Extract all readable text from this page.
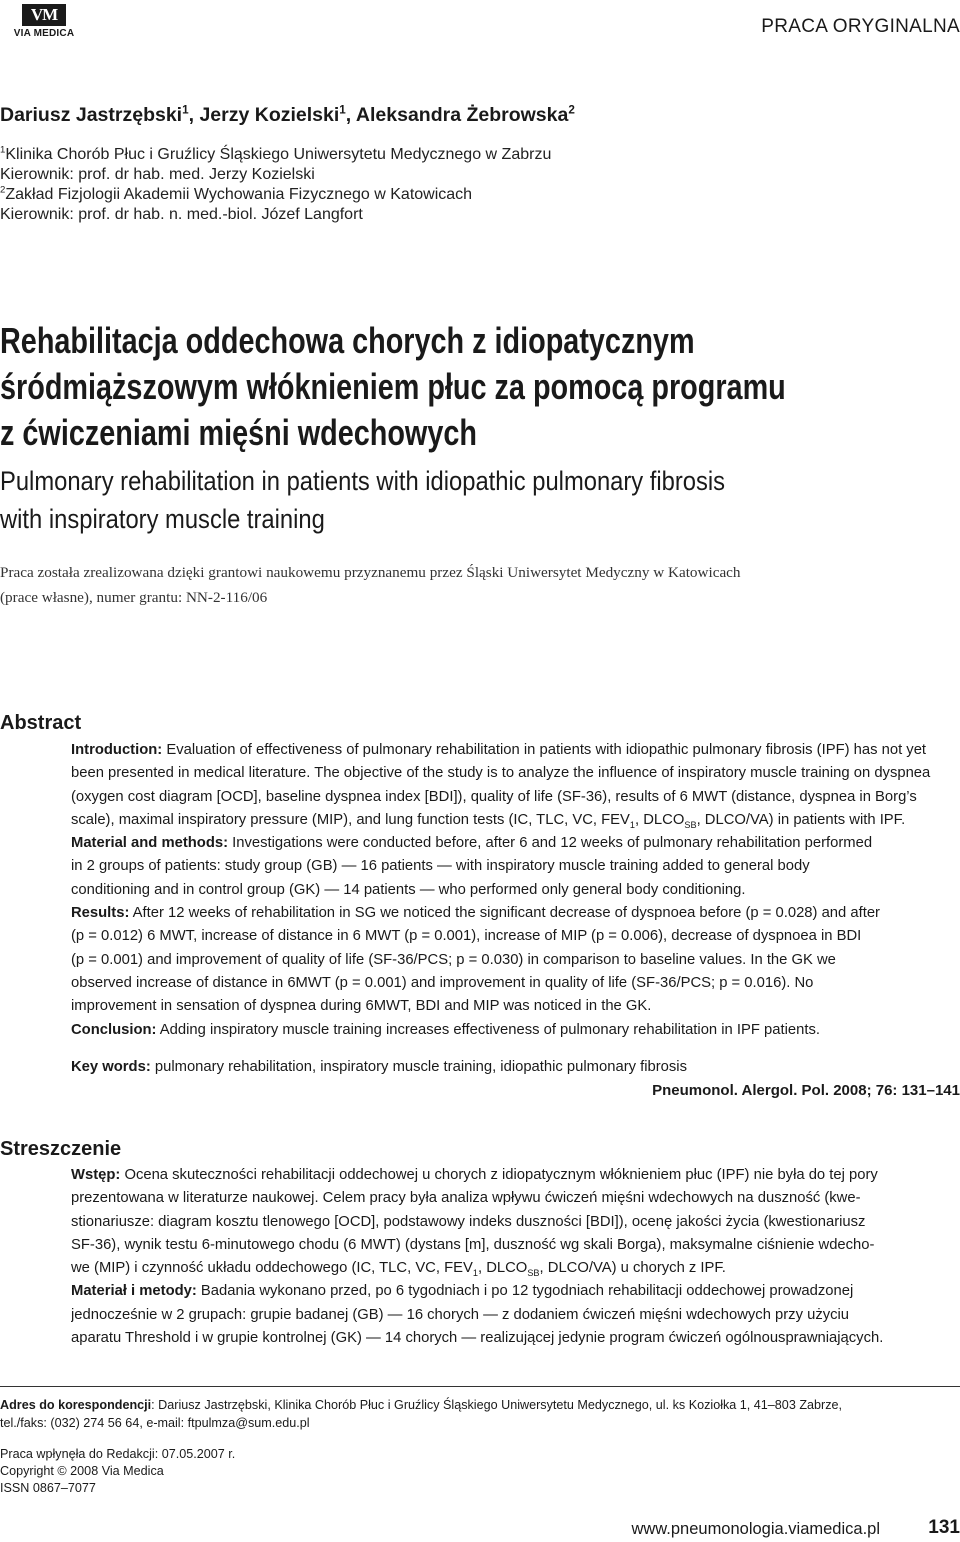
VM
VIA MEDICA	PRACA ORYGINALNA
Dariusz Jastrzębski$^1$, Jerzy Kozielski$^1$, Aleksandra Żebrowska$^2$
$^1$Klinika Chorób Płuc i Gruźlicy Śląskiego Uniwersytetu Medycznego w Zabrzu
Kierownik: prof. dr hab. med. Jerzy Kozielski
$^2$Zakład Fizjologii Akademii Wychowania Fizycznego w Katowicach
Kierownik: prof. dr hab. n. med.-biol. Józef Langfort
Rehabilitacja oddechowa chorych z idiopatycznym
śródmiąższowym włóknieniem płuc za pomocą programu
z ćwiczeniami mięśni wdechowych
Pulmonary rehabilitation in patients with idiopathic pulmonary fibrosis
with inspiratory muscle training
Praca została zrealizowana dzięki grantowi naukowemu przyznanemu przez Śląski Uniwersytet Medyczny w Katowicach
(prace własne), numer grantu: NN-2-116/06
Abstract
Introduction: Evaluation of effectiveness of pulmonary rehabilitation in patients with idiopathic pulmonary fibrosis (IPF) has not yet
been presented in medical literature. The objective of the study is to analyze the influence of inspiratory muscle training on dyspnea
(oxygen cost diagram [OCD], baseline dyspnea index [BDI]), quality of life (SF-36), results of 6 MWT (distance, dyspnea in Borg’s
scale), maximal inspiratory pressure (MIP), and lung function tests (IC, TLC, VC, $FEV_1$, $DLCO_{SB}$, DLCO/VA) in patients with IPF.
Material and methods: Investigations were conducted before, after 6 and 12 weeks of pulmonary rehabilitation performed
in 2 groups of patients: study group (GB) — 16 patients — with inspiratory muscle training added to general body
conditioning and in control group (GK) — 14 patients — who performed only general body conditioning.
Results: After 12 weeks of rehabilitation in SG we noticed the significant decrease of dyspnoea before (p = 0.028) and after
(p = 0.012) 6 MWT, increase of distance in 6 MWT (p = 0.001), increase of MIP (p = 0.006), decrease of dyspnoea in BDI
(p = 0.001) and improvement of quality of life (SF-36/PCS; p = 0.030) in comparison to baseline values. In the GK we
observed increase of distance in 6MWT (p = 0.001) and improvement in quality of life (SF-36/PCS; p = 0.016). No
improvement in sensation of dyspnea during 6MWT, BDI and MIP was noticed in the GK.
Conclusion: Adding inspiratory muscle training increases effectiveness of pulmonary rehabilitation in IPF patients.
Key words: pulmonary rehabilitation, inspiratory muscle training, idiopathic pulmonary fibrosis
Pneumonol. Alergol. Pol. 2008; 76: 131–141
Streszczenie
Wstęp: Ocena skuteczności rehabilitacji oddechowej u chorych z idiopatycznym włóknieniem płuc (IPF) nie była do tej pory
prezentowana w literaturze naukowej. Celem pracy była analiza wpływu ćwiczeń mięśni wdechowych na duszność (kwe-
stionariusze: diagram kosztu tlenowego [OCD], podstawowy indeks duszności [BDI]), ocenę jakości życia (kwestionariusz
SF-36), wynik testu 6-minutowego chodu (6 MWT) (dystans [m], duszność wg skali Borga), maksymalne ciśnienie wdecho-
we (MIP) i czynność układu oddechowego (IC, TLC, VC, $FEV_1$, $DLCO_{SB}$, DLCO/VA) u chorych z IPF.
Materiał i metody: Badania wykonano przed, po 6 tygodniach i po 12 tygodniach rehabilitacji oddechowej prowadzonej
jednocześnie w 2 grupach: grupie badanej (GB) — 16 chorych — z dodaniem ćwiczeń mięśni wdechowych przy użyciu
aparatu Threshold i w grupie kontrolnej (GK) — 14 chorych — realizującej jedynie program ćwiczeń ogólnousprawniających.
Adres do korespondencji: Dariusz Jastrzębski, Klinika Chorób Płuc i Gruźlicy Śląskiego Uniwersytetu Medycznego, ul. ks Koziołka 1, 41–803 Zabrze,
tel./faks: (032) 274 56 64, e-mail: ftpulmza@sum.edu.pl
Praca wpłynęła do Redakcji: 07.05.2007 r.
Copyright © 2008 Via Medica
ISSN 0867–7077
www.pneumonologia.viamedica.pl	131
